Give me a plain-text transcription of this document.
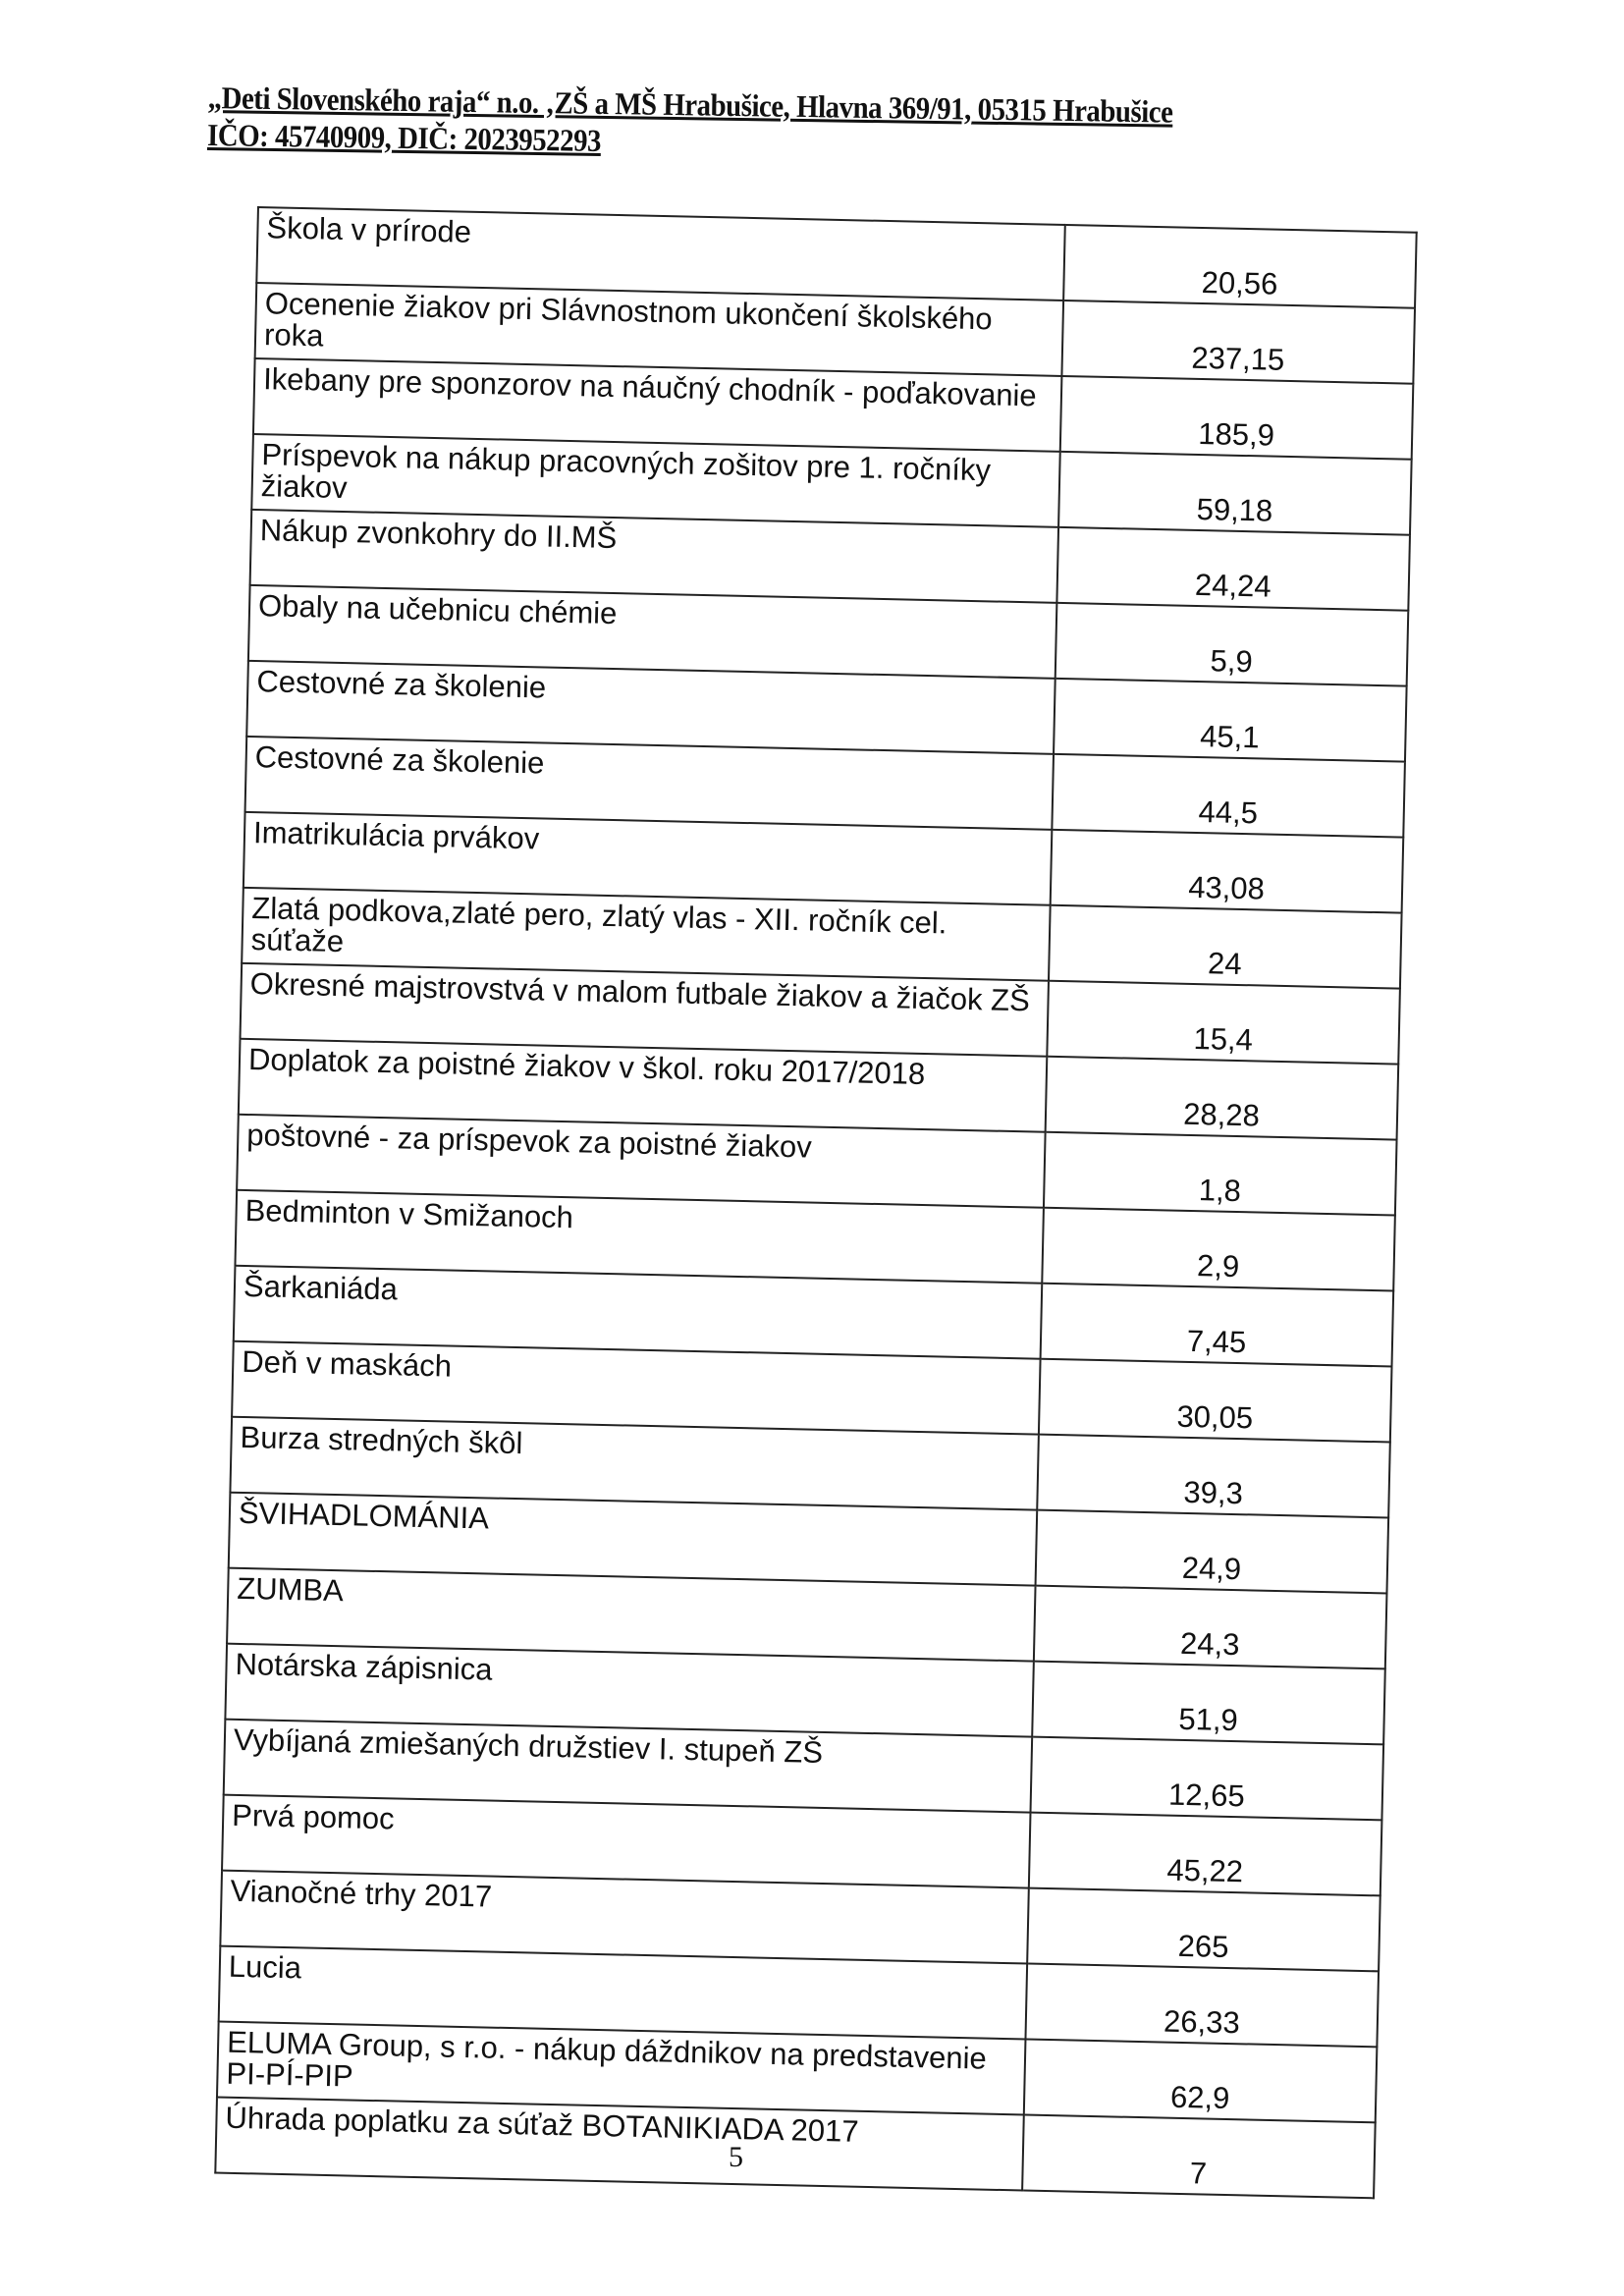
„Deti Slovenského raja“ n.o. ‚ZŠ a MŠ Hrabušice, Hlavna 369/91, 05315 Hrabušice
IČO: 45740909, DIČ: 2023952293
Škola v prírode	20,56
Ocenenie žiakov pri Slávnostnom ukončení školského roka	237,15
Ikebany pre sponzorov na náučný chodník - poďakovanie	185,9
Príspevok na nákup pracovných zošitov pre 1. ročníky žiakov	59,18
Nákup zvonkohry do II.MŠ	24,24
Obaly na učebnicu chémie	5,9
Cestovné za školenie	45,1
Cestovné za školenie	44,5
Imatrikulácia prvákov	43,08
Zlatá podkova,zlaté pero, zlatý vlas - XII. ročník cel. súťaže	24
Okresné majstrovstvá v malom futbale žiakov a žiačok ZŠ	15,4
Doplatok za poistné žiakov v škol. roku 2017/2018	28,28
poštovné - za príspevok za poistné žiakov	1,8
Bedminton v Smižanoch	2,9
Šarkaniáda	7,45
Deň v maskách	30,05
Burza stredných škôl	39,3
ŠVIHADLOMÁNIA	24,9
ZUMBA	24,3
Notárska zápisnica	51,9
Vybíjaná zmiešaných družstiev I. stupeň ZŠ	12,65
Prvá pomoc	45,22
Vianočné trhy 2017	265
Lucia	26,33
ELUMA Group, s r.o. - nákup dáždnikov na predstavenie PI-PÍ-PIP	62,9
Úhrada poplatku za súťaž BOTANIKIADA 2017	7
5
